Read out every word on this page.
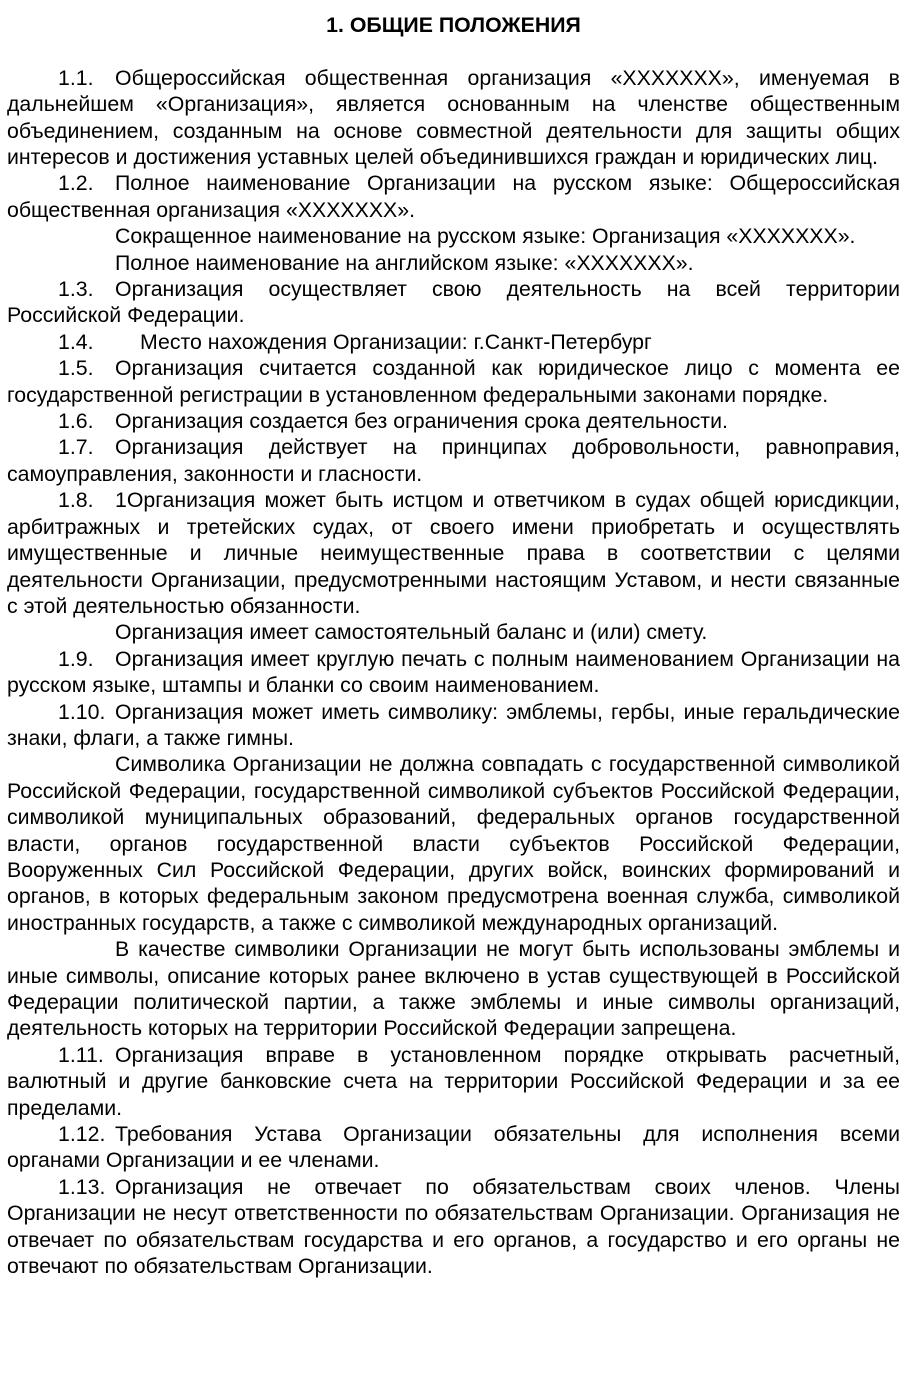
1. ОБЩИЕ ПОЛОЖЕНИЯ

1.1. Общероссийская общественная организация «XXXXXXX», именуемая в дальнейшем «Организация», является основанным на членстве общественным объединением, созданным на основе совместной деятельности для защиты общих интересов и достижения уставных целей объединившихся граждан и юридических лиц.

1.2. Полное наименование Организации на русском языке: Общероссийская общественная организация «XXXXXXX».

Сокращенное наименование на русском языке: Организация «XXXXXXX».

Полное наименование на английском языке: «XXXXXXX».

1.3. Организация осуществляет свою деятельность на всей территории Российской Федерации.

1.4. Место нахождения Организации: г.Санкт-Петербург

1.5. Организация считается созданной как юридическое лицо с момента ее государственной регистрации в установленном федеральными законами порядке.

1.6. Организация создается без ограничения срока деятельности.

1.7. Организация действует на принципах добровольности, равноправия, самоуправления, законности и гласности.

1.8. 1Организация может быть истцом и ответчиком в судах общей юрисдикции, арбитражных и третейских судах, от своего имени приобретать и осуществлять имущественные и личные неимущественные права в соответствии с целями деятельности Организации, предусмотренными настоящим Уставом, и нести связанные с этой деятельностью обязанности.

Организация имеет самостоятельный баланс и (или) смету.

1.9. Организация имеет круглую печать с полным наименованием Организации на русском языке, штампы и бланки со своим наименованием.

1.10. Организация может иметь символику: эмблемы, гербы, иные геральдические знаки, флаги, а также гимны.

Символика Организации не должна совпадать с государственной символикой Российской Федерации, государственной символикой субъектов Российской Федерации, символикой муниципальных образований, федеральных органов государственной власти, органов государственной власти субъектов Российской Федерации, Вооруженных Сил Российской Федерации, других войск, воинских формирований и органов, в которых федеральным законом предусмотрена военная служба, символикой иностранных государств, а также с символикой международных организаций.

В качестве символики Организации не могут быть использованы эмблемы и иные символы, описание которых ранее включено в устав существующей в Российской Федерации политической партии, а также эмблемы и иные символы организаций, деятельность которых на территории Российской Федерации запрещена.

1.11. Организация вправе в установленном порядке открывать расчетный, валютный и другие банковские счета на территории Российской Федерации и за ее пределами.

1.12. Требования Устава Организации обязательны для исполнения всеми органами Организации и ее членами.

1.13. Организация не отвечает по обязательствам своих членов. Члены Организации не несут ответственности по обязательствам Организации. Организация не отвечает по обязательствам государства и его органов, а государство и его органы не отвечают по обязательствам Организации.
